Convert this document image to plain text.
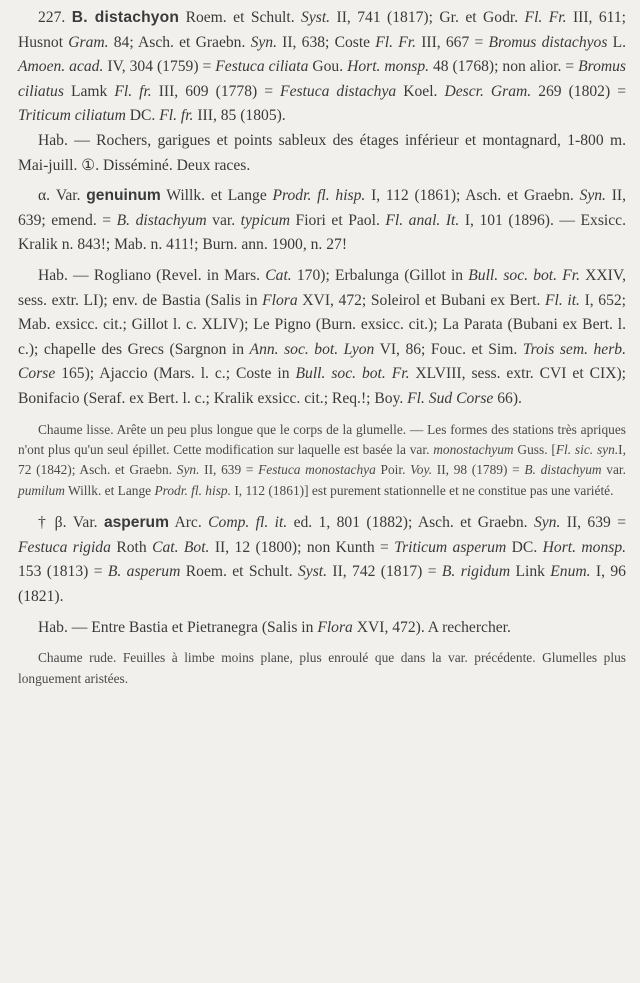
227. B. distachyon Roem. et Schult. Syst. II, 741 (1817); Gr. et Godr. Fl. Fr. III, 611; Husnot Gram. 84; Asch. et Graebn. Syn. II, 638; Coste Fl. Fr. III, 667 = Bromus distachyos L. Amoen. acad. IV, 304 (1759) = Festuca ciliata Gou. Hort. monsp. 48 (1768); non alior. = Bromus ciliatus Lamk Fl. fr. III, 609 (1778) = Festuca distachya Koel. Descr. Gram. 269 (1802) = Triticum ciliatum DC. Fl. fr. III, 85 (1805).

Hab. — Rochers, garigues et points sableux des étages inférieur et montagnard, 1-800 m. Mai-juill. ①. Disséminé. Deux races.

α. Var. genuinum Willk. et Lange Prodr. fl. hisp. I, 112 (1861); Asch. et Graebn. Syn. II, 639; emend. = B. distachyum var. typicum Fiori et Paol. Fl. anal. It. I, 101 (1896). — Exsicc. Kralik n. 843!; Mab. n. 411!; Burn. ann. 1900, n. 27!

Hab. — Rogliano (Revel. in Mars. Cat. 170); Erbalunga (Gillot in Bull. soc. bot. Fr. XXIV, sess. extr. LI); env. de Bastia (Salis in Flora XVI, 472; Soleirol et Bubani ex Bert. Fl. it. I, 652; Mab. exsicc. cit.; Gillot l. c. XLIV); Le Pigno (Burn. exsicc. cit.); La Parata (Bubani ex Bert. l. c.); chapelle des Grecs (Sargnon in Ann. soc. bot. Lyon VI, 86; Fouc. et Sim. Trois sem. herb. Corse 165); Ajaccio (Mars. l. c.; Coste in Bull. soc. bot. Fr. XLVIII, sess. extr. CVI et CIX); Bonifacio (Seraf. ex Bert. l. c.; Kralik exsicc. cit.; Req.!; Boy. Fl. Sud Corse 66).

Chaume lisse. Arête un peu plus longue que le corps de la glumelle. — Les formes des stations très apriques n'ont plus qu'un seul épillet. Cette modification sur laquelle est basée la var. monostachyum Guss. [Fl. sic. syn.I, 72 (1842); Asch. et Graebn. Syn. II, 639 = Festuca monostachya Poir. Voy. II, 98 (1789) = B. distachyum var. pumilum Willk. et Lange Prodr. fl. hisp. I, 112 (1861)] est purement stationnelle et ne constitue pas une variété.

† β. Var. asperum Arc. Comp. fl. it. ed. 1, 801 (1882); Asch. et Graebn. Syn. II, 639 = Festuca rigida Roth Cat. Bot. II, 12 (1800); non Kunth = Triticum asperum DC. Hort. monsp. 153 (1813) = B. asperum Roem. et Schult. Syst. II, 742 (1817) = B. rigidum Link Enum. I, 96 (1821).

Hab. — Entre Bastia et Pietranegra (Salis in Flora XVI, 472). A rechercher.

Chaume rude. Feuilles à limbe moins plane, plus enroulé que dans la var. précédente. Glumelles plus longuement aristées.
